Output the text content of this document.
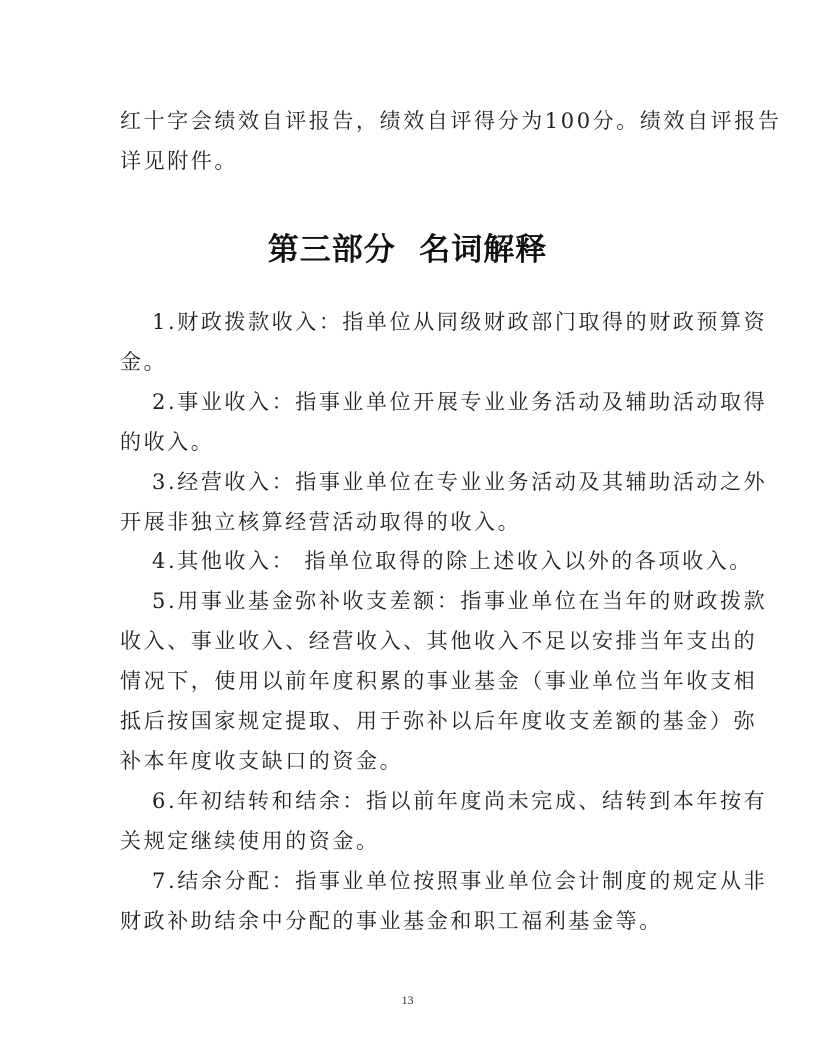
红十字会绩效自评报告，绩效自评得分为100分。绩效自评报告
详见附件。
第三部分  名词解释
1.财政拨款收入：指单位从同级财政部门取得的财政预算资
金。
2.事业收入：指事业单位开展专业业务活动及辅助活动取得
的收入。
3.经营收入：指事业单位在专业业务活动及其辅助活动之外
开展非独立核算经营活动取得的收入。
4.其他收入： 指单位取得的除上述收入以外的各项收入。
5.用事业基金弥补收支差额：指事业单位在当年的财政拨款
收入、事业收入、经营收入、其他收入不足以安排当年支出的
情况下，使用以前年度积累的事业基金（事业单位当年收支相
抵后按国家规定提取、用于弥补以后年度收支差额的基金）弥
补本年度收支缺口的资金。
6.年初结转和结余：指以前年度尚未完成、结转到本年按有
关规定继续使用的资金。
7.结余分配：指事业单位按照事业单位会计制度的规定从非
财政补助结余中分配的事业基金和职工福利基金等。
13
